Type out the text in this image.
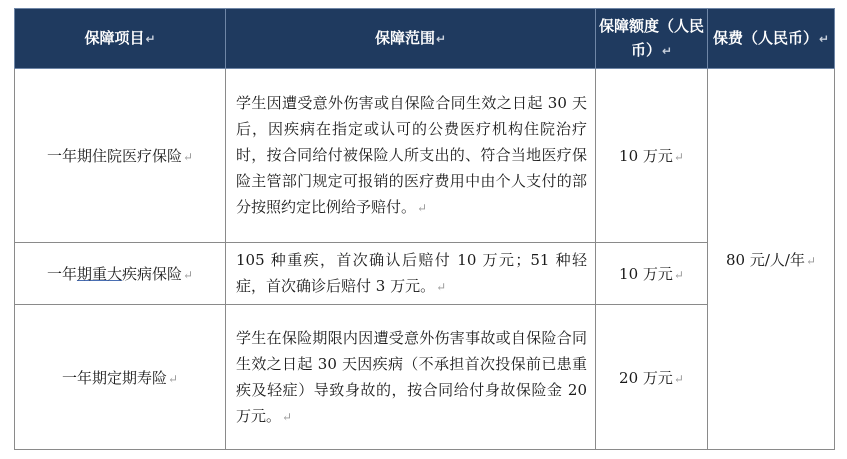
保障项目↵	保障范围↵	保障额度（人民币）↵	保费（人民币）↵
一年期住院医疗保险↵	学生因遭受意外伤害或自保险合同生效之日起 30 天后，因疾病在指定或认可的公费医疗机构住院治疗时，按合同给付被保险人所支出的、符合当地医疗保险主管部门规定可报销的医疗费用中由个人支付的部分按照约定比例给予赔付。↵	10 万元↵	80 元/人/年↵
一年期重大疾病保险↵	105 种重疾，首次确认后赔付 10 万元；51 种轻症，首次确诊后赔付 3 万元。↵	10 万元↵	
一年期定期寿险↵	学生在保险期限内因遭受意外伤害事故或自保险合同生效之日起 30 天因疾病（不承担首次投保前已患重疾及轻症）导致身故的，按合同给付身故保险金 20 万元。↵	20 万元↵	
